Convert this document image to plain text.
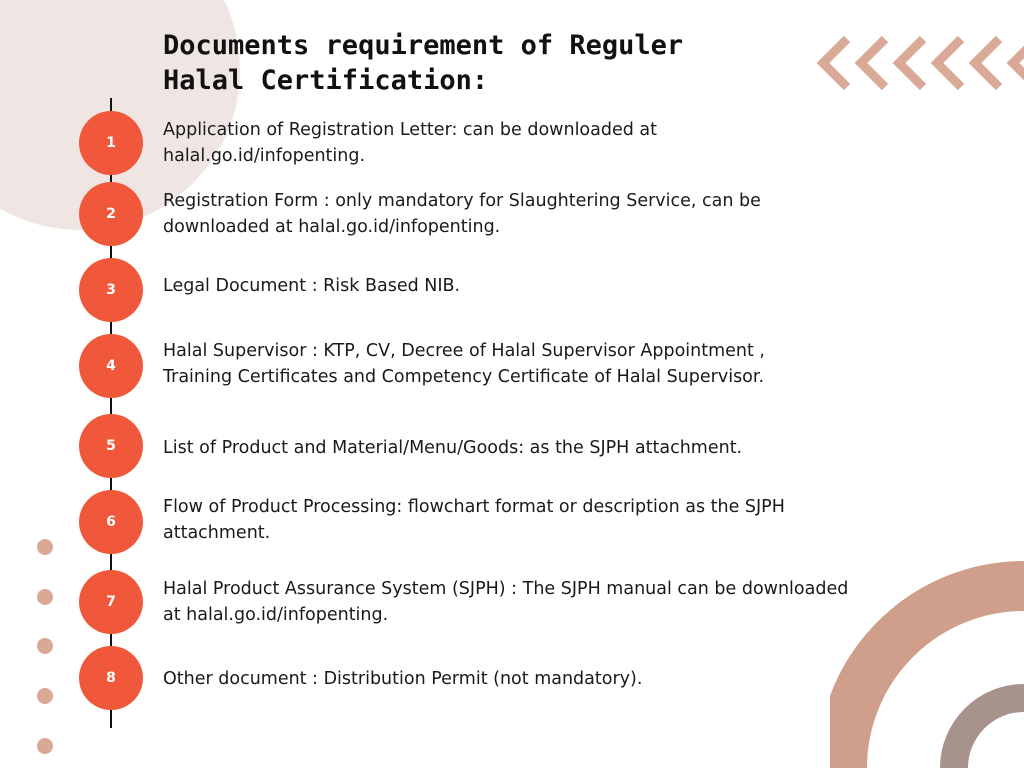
Documents requirement of Reguler
Halal Certification:
1

Application of Registration Letter: can be downloaded at
halal.go.id/infopenting.

2

Registration Form : only mandatory for Slaughtering Service, can be
downloaded at halal.go.id/infopenting.

3	Legal Document : Risk Based NIB.

4

Halal Supervisor : KTP, CV, Decree of Halal Supervisor Appointment ,
Training Certificates and Competency Certificate of Halal Supervisor.

5	List of Product and Material/Menu/Goods: as the SJPH attachment.

6

Flow of Product Processing: flowchart format or description as the SJPH
attachment.

7

Halal Product Assurance System (SJPH) : The SJPH manual can be downloaded
at halal.go.id/infopenting.

8	Other document : Distribution Permit (not mandatory).
